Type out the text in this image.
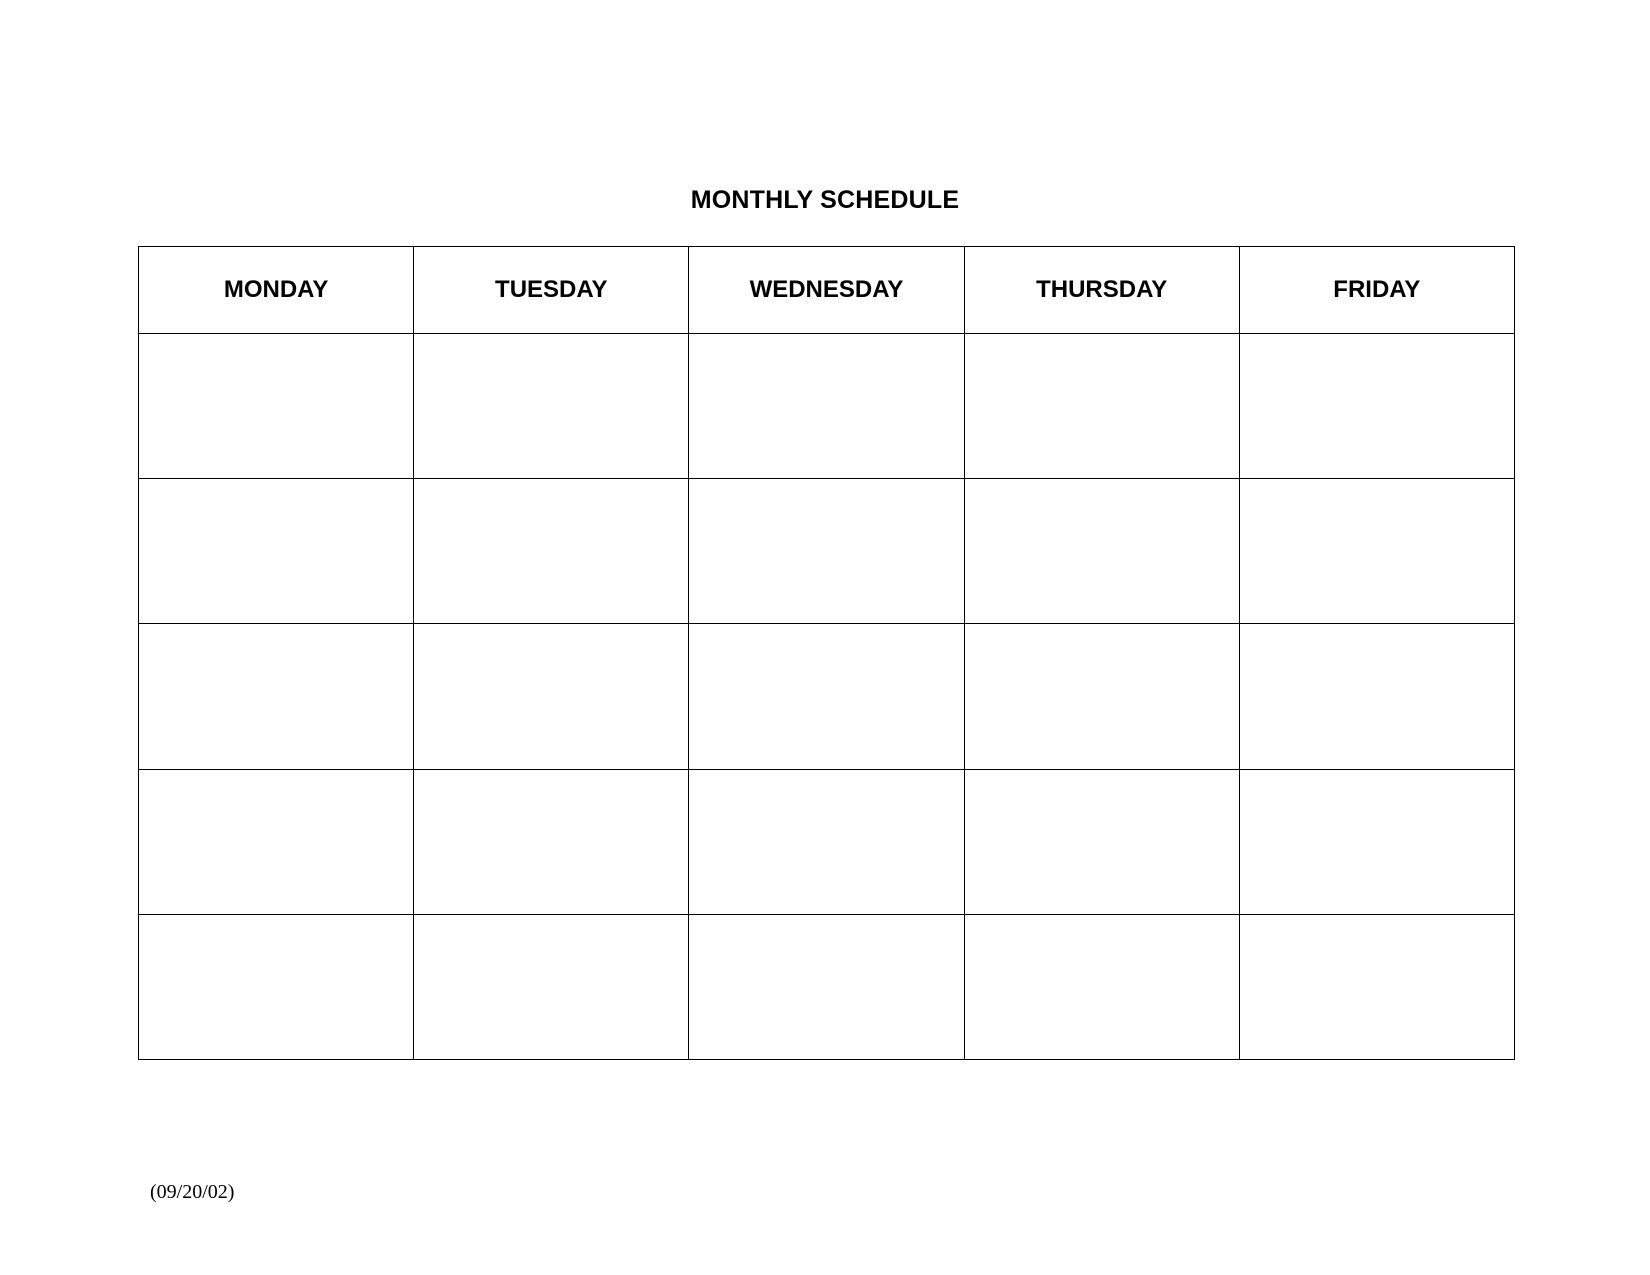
MONTHLY SCHEDULE
MONDAY	TUESDAY	WEDNESDAY	THURSDAY	FRIDAY

(09/20/02)
